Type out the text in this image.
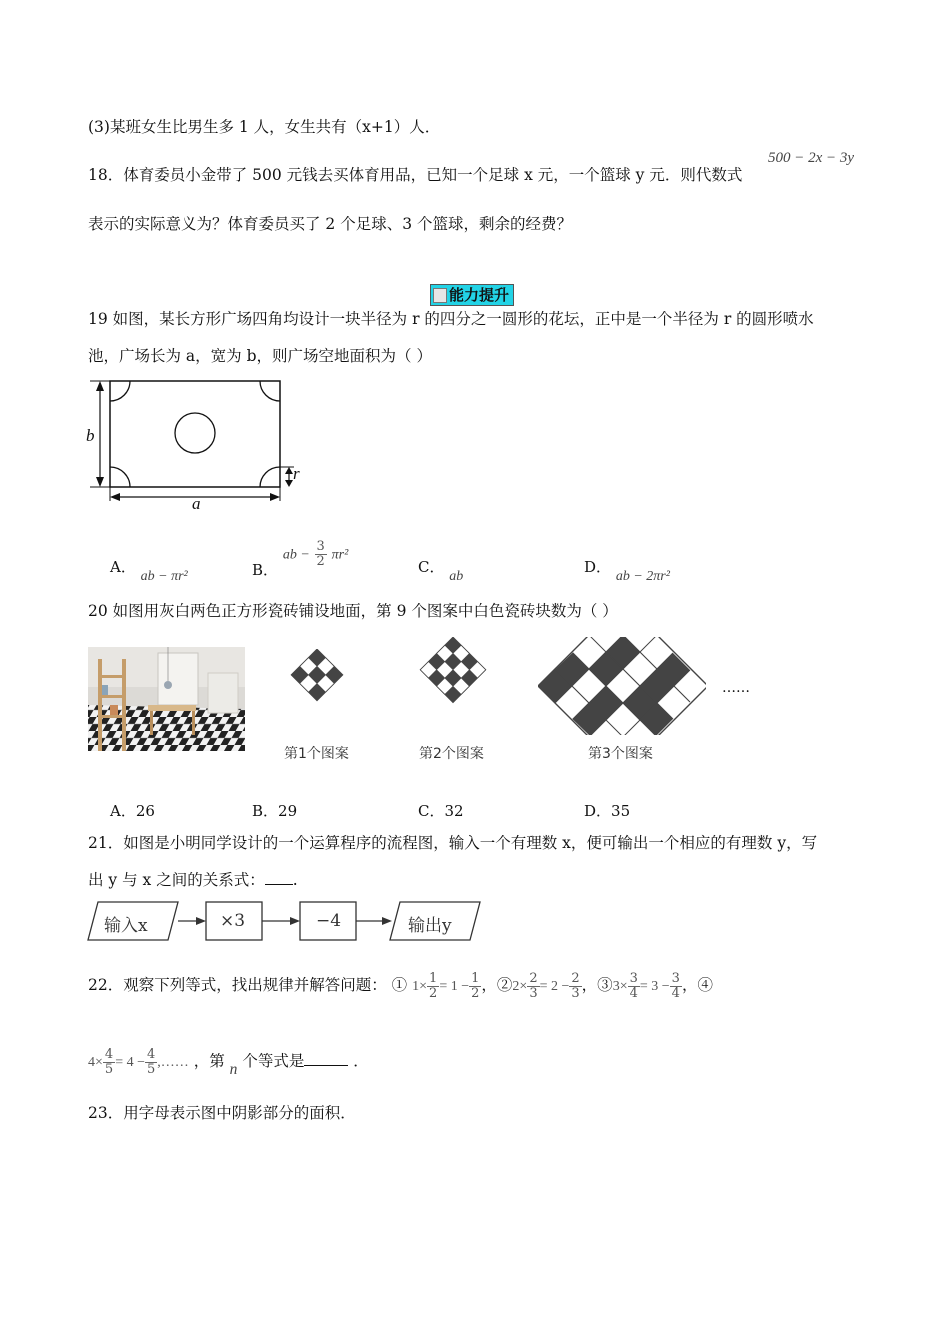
(3)某班女生比男生多 1 人，女生共有（x+1）人．
18．体育委员小金带了 500 元钱去买体育用品，已知一个足球 x 元，一个篮球 y 元．则代数式
500 − 2x − 3y
表示的实际意义为？体育委员买了 2 个足球、3 个篮球，剩余的经费？
能力提升
19 如图，某长方形广场四角均设计一块半径为 r 的四分之一圆形的花坛，正中是一个半径为 r 的圆形喷水
池，广场长为 a，宽为 b，则广场空地面积为（ ）
b
r
a
A． ab − πr²	B． ab − $\frac{3}{2} \pi r^2$
C． ab
D． ab − 2πr²
20 如图用灰白两色正方形瓷砖铺设地面，第 9 个图案中白色瓷砖块数为（ ）
……
第1个图案	第2个图案	第3个图案
A．26	B．29	C．32	D．35
21．如图是小明同学设计的一个运算程序的流程图，输入一个有理数 x，便可输出一个相应的有理数 y，写
出 y 与 x 之间的关系式： .
输入x	×3	−4	输出y
22．观察下列等式，找出规律并解答问题： ① $1\times \frac{1}{2} = 1 - \frac{1}{2}$ ，②2× $\frac{2}{3} = 2 - \frac{2}{3}$ ，③3× $\frac{3}{4} = 3 - \frac{3}{4}$ ，④
$4\times \frac{4}{5} = 4 - \frac{4}{5}$ ,…… ，第 n 个等式是	．
23．用字母表示图中阴影部分的面积．
